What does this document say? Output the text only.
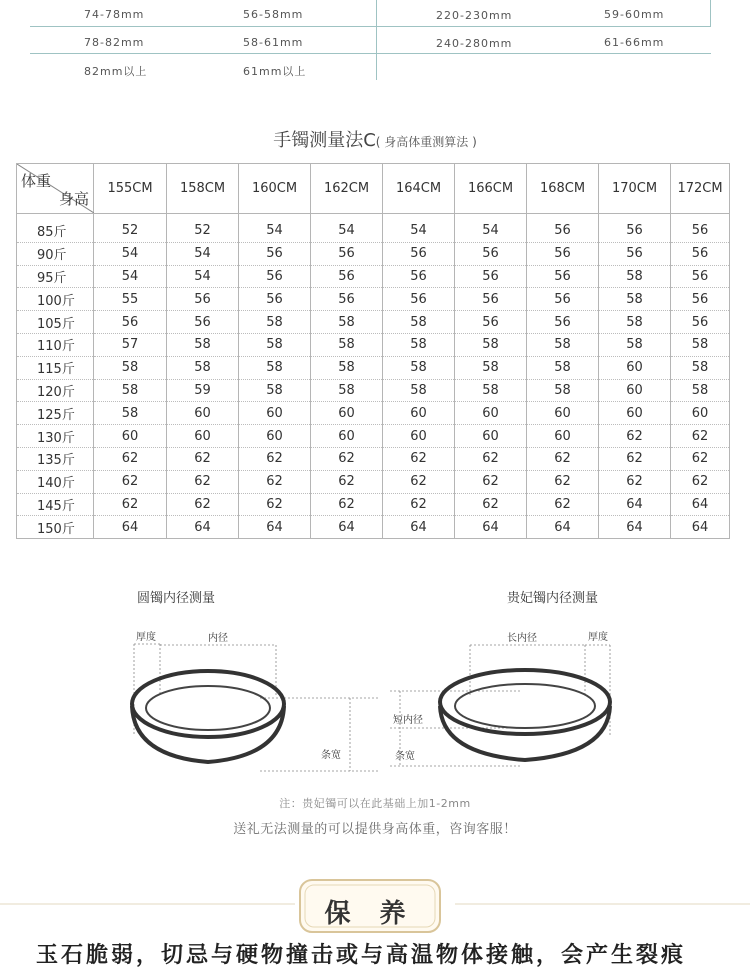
74-78mm	56-58mm	220-230mm	59-60mm
78-82mm	58-61mm	240-280mm	61-66mm
82mm以上	61mm以上
手镯测量法C( 身高体重测算法 )
体重
身高	155CM	158CM	160CM	162CM	164CM	166CM	168CM	170CM	172CM
85斤	52	52	54	54	54	54	56	56	56
90斤	54	54	56	56	56	56	56	56	56
95斤	54	54	56	56	56	56	56	58	56
100斤	55	56	56	56	56	56	56	58	56
105斤	56	56	58	58	58	56	56	58	56
110斤	57	58	58	58	58	58	58	58	58
115斤	58	58	58	58	58	58	58	60	58
120斤	58	59	58	58	58	58	58	60	58
125斤	58	60	60	60	60	60	60	60	60
130斤	60	60	60	60	60	60	60	62	62
135斤	62	62	62	62	62	62	62	62	62
140斤	62	62	62	62	62	62	62	62	62
145斤	62	62	62	62	62	62	62	64	64
150斤	64	64	64	64	64	64	64	64	64
圆镯内径测量
厚度	内径
条宽
贵妃镯内径测量
长内径	厚度
短内径
条宽
注：贵妃镯可以在此基础上加1-2mm
送礼无法测量的可以提供身高体重，咨询客服！
保 养
玉石脆弱，切忌与硬物撞击或与高温物体接触，会产生裂痕
